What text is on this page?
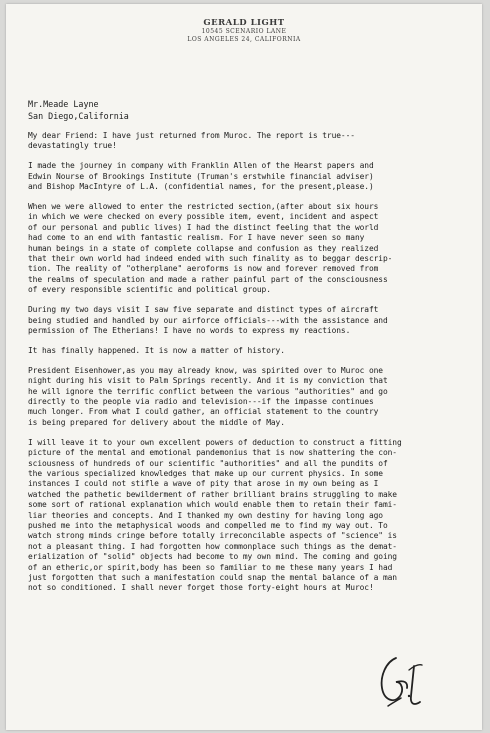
GERALD LIGHT
10545 SCENARIO LANE
LOS ANGELES 24, CALIFORNIA
Mr.Meade Layne
San Diego,California

My dear Friend: I have just returned from Muroc. The report is true---
devastatingly true!

I made the journey in company with Franklin Allen of the Hearst papers and
Edwin Nourse of Brookings Institute (Truman's erstwhile financial adviser)
and Bishop MacIntyre of L.A. (confidential names, for the present,please.)

When we were allowed to enter the restricted section,(after about six hours
in which we were checked on every possible item, event, incident and aspect
of our personal and public lives) I had the distinct feeling that the world
had come to an end with fantastic realism. For I have never seen so many
human beings in a state of complete collapse and confusion as they realized
that their own world had indeed ended with such finality as to beggar descrip-
tion. The reality of "otherplane" aeroforms is now and forever removed from
the realms of speculation and made a rather painful part of the consciousness
of every responsible scientific and political group.

During my two days visit I saw five separate and distinct types of aircraft
being studied and handled by our airforce officials---with the assistance and
permission of The Etherians! I have no words to express my reactions.

It has finally happened. It is now a matter of history.

President Eisenhower,as you may already know, was spirited over to Muroc one
night during his visit to Palm Springs recently. And it is my conviction that
he will ignore the terrific conflict between the various "authorities" and go
directly to the people via radio and television---if the impasse continues
much longer. From what I could gather, an official statement to the country
is being prepared for delivery about the middle of May.

I will leave it to your own excellent powers of deduction to construct a fitting
picture of the mental and emotional pandemonius that is now shattering the con-
sciousness of hundreds of our scientific "authorities" and all the pundits of
the various specialized knowledges that make up our current physics. In some
instances I could not stifle a wave of pity that arose in my own being as I
watched the pathetic bewilderment of rather brilliant brains struggling to make
some sort of rational explanation which would enable them to retain their fami-
liar theories and concepts. And I thanked my own destiny for having long ago
pushed me into the metaphysical woods and compelled me to find my way out. To
watch strong minds cringe before totally irreconcilable aspects of "science" is
not a pleasant thing. I had forgotten how commonplace such things as the demat-
erialization of "solid" objects had become to my own mind. The coming and going
of an etheric,or spirit,body has been so familiar to me these many years I had
just forgotten that such a manifestation could snap the mental balance of a man
not so conditioned. I shall never forget those forty-eight hours at Muroc!
